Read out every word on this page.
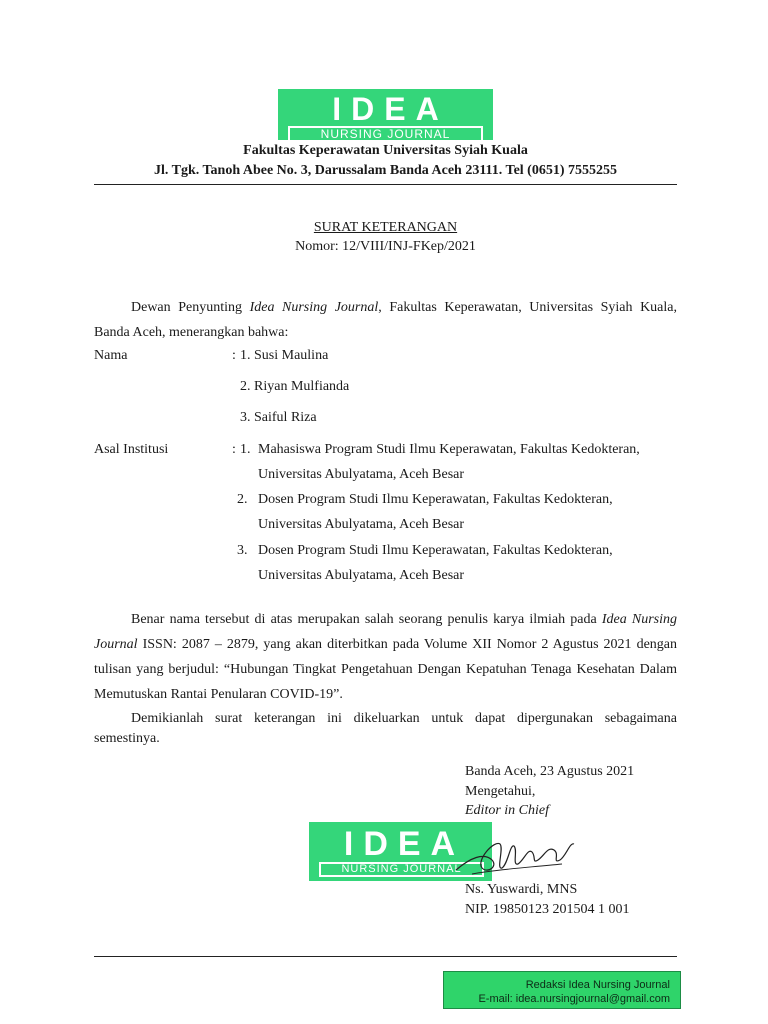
IDEA
NURSING JOURNAL
Fakultas Keperawatan Universitas Syiah Kuala
Jl. Tgk. Tanoh Abee No. 3, Darussalam Banda Aceh 23111. Tel (0651) 7555255
SURAT KETERANGAN
Nomor: 12/VIII/INJ-FKep/2021
Dewan Penyunting Idea Nursing Journal, Fakultas Keperawatan, Universitas Syiah Kuala, Banda Aceh, menerangkan bahwa:
Nama	: 1. Susi Maulina
2. Riyan Mulfianda
3. Saiful Riza
Asal Institusi	: 1. Mahasiswa Program Studi Ilmu Keperawatan, Fakultas Kedokteran,
Universitas Abulyatama, Aceh Besar
2. Dosen Program Studi Ilmu Keperawatan, Fakultas Kedokteran,
Universitas Abulyatama, Aceh Besar
3. Dosen Program Studi Ilmu Keperawatan, Fakultas Kedokteran,
Universitas Abulyatama, Aceh Besar
Benar nama tersebut di atas merupakan salah seorang penulis karya ilmiah pada Idea Nursing Journal ISSN: 2087 – 2879, yang akan diterbitkan pada Volume XII Nomor 2 Agustus 2021 dengan tulisan yang berjudul: “Hubungan Tingkat Pengetahuan Dengan Kepatuhan Tenaga Kesehatan Dalam Memutuskan Rantai Penularan COVID-19”.
Demikianlah surat keterangan ini dikeluarkan untuk dapat dipergunakan sebagaimana semestinya.
Banda Aceh, 23 Agustus 2021
Mengetahui,
Editor in Chief
IDEA
NURSING JOURNAL
Ns. Yuswardi, MNS
NIP. 19850123 201504 1 001
Redaksi Idea Nursing Journal
E-mail: idea.nursingjournal@gmail.com
